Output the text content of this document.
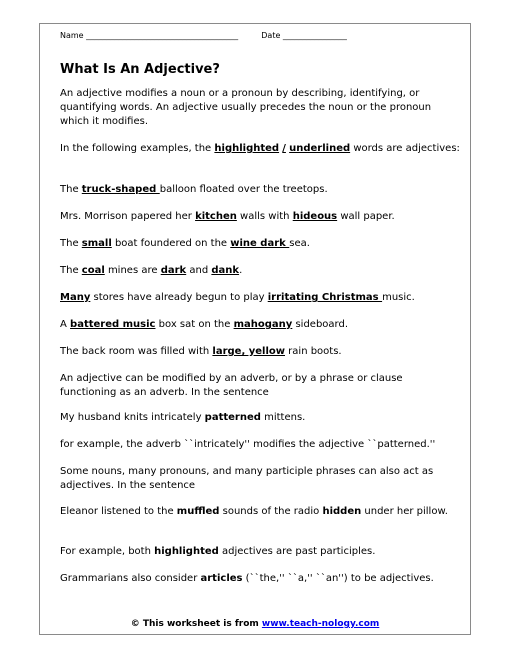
Name ______________________________________	Date ________________
What Is An Adjective?

An adjective modifies a noun or a pronoun by describing, identifying, or quantifying words. An adjective usually precedes the noun or the pronoun which it modifies.

In the following examples, the highlighted / underlined words are adjectives:

The truck-shaped balloon floated over the treetops.

Mrs. Morrison papered her kitchen walls with hideous wall paper.

The small boat foundered on the wine dark sea.

The coal mines are dark and dank.

Many stores have already begun to play irritating Christmas music.

A battered music box sat on the mahogany sideboard.

The back room was filled with large, yellow rain boots.

An adjective can be modified by an adverb, or by a phrase or clause functioning as an adverb. In the sentence

My husband knits intricately patterned mittens.

for example, the adverb ``intricately'' modifies the adjective ``patterned.''

Some nouns, many pronouns, and many participle phrases can also act as adjectives. In the sentence

Eleanor listened to the muffled sounds of the radio hidden under her pillow.

For example, both highlighted adjectives are past participles.

Grammarians also consider articles (``the,'' ``a,'' ``an'') to be adjectives.

© This worksheet is from www.teach-nology.com
